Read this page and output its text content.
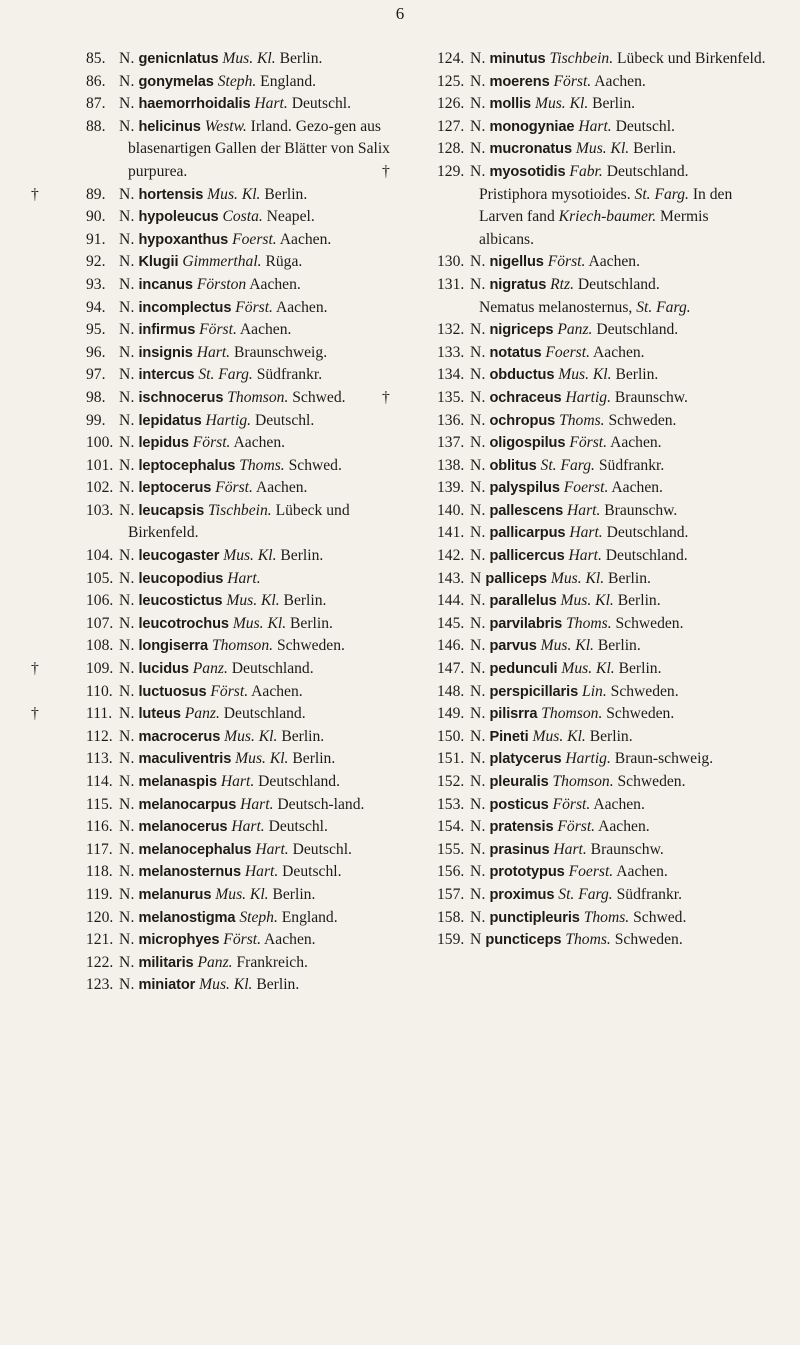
6
85. N. genicnlatus Mus. Kl. Berlin.
86. N. gonymelas Steph. England.
87. N. haemorrhoidalis Hart. Deutschl.
88. N. helicinus Westw. Irland. Gezo-gen aus blasenartigen Gallen der Blätter von Salix purpurea.
†	89. N. hortensis Mus. Kl. Berlin.
90. N. hypoleucus Costa. Neapel.
91. N. hypoxanthus Foerst. Aachen.
92. N. Klugii Gimmerthal. Rüga.
93. N. incanus Förston Aachen.
94. N. incomplectus Först. Aachen.
95. N. infirmus Först. Aachen.
96. N. insignis Hart. Braunschweig.
97. N. intercus St. Farg. Südfrankr.
98. N. ischnocerus Thomson. Schwed.
99. N. lepidatus Hartig. Deutschl.
100. N. lepidus Först. Aachen.
101. N. leptocephalus Thoms. Schwed.
102. N. leptocerus Först. Aachen.
103. N. leucapsis Tischbein. Lübeck und Birkenfeld.
104. N. leucogaster Mus. Kl. Berlin.
105. N. leucopodius Hart.
106. N. leucostictus Mus. Kl. Berlin.
107. N. leucotrochus Mus. Kl. Berlin.
108. N. longiserra Thomson. Schweden.
†	109. N. lucidus Panz. Deutschland.
110. N. luctuosus Först. Aachen.
†	111. N. luteus Panz. Deutschland.
112. N. macrocerus Mus. Kl. Berlin.
113. N. maculiventris Mus. Kl. Berlin.
114. N. melanaspis Hart. Deutschland.
115. N. melanocarpus Hart. Deutsch-land.
116. N. melanocerus Hart. Deutschl.
117. N. melanocephalus Hart. Deutschl.
118. N. melanosternus Hart. Deutschl.
119. N. melanurus Mus. Kl. Berlin.
120. N. melanostigma Steph. England.
121. N. microphyes Först. Aachen.
122. N. militaris Panz. Frankreich.
123. N. miniator Mus. Kl. Berlin.
124. N. minutus Tischbein. Lübeck und Birkenfeld.
125. N. moerens Först. Aachen.
126. N. mollis Mus. Kl. Berlin.
127. N. monogyniae Hart. Deutschl.
128. N. mucronatus Mus. Kl. Berlin.
†	129. N. myosotidis Fabr. Deutschland.
Pristiphora mysotioides. St. Farg. In den Larven fand Kriech-baumer. Mermis albicans.
130. N. nigellus Först. Aachen.
131. N. nigratus Rtz. Deutschland.
Nematus melanosternus, St. Farg.
132. N. nigriceps Panz. Deutschland.
133. N. notatus Foerst. Aachen.
134. N. obductus Mus. Kl. Berlin.
†	135. N. ochraceus Hartig. Braunschw.
136. N. ochropus Thoms. Schweden.
137. N. oligospilus Först. Aachen.
138. N. oblitus St. Farg. Südfrankr.
139. N. palyspilus Foerst. Aachen.
140. N. pallescens Hart. Braunschw.
141. N. pallicarpus Hart. Deutschland.
142. N. pallicercus Hart. Deutschland.
143. N palliceps Mus. Kl. Berlin.
144. N. parallelus Mus. Kl. Berlin.
145. N. parvilabris Thoms. Schweden.
146. N. parvus Mus. Kl. Berlin.
147. N. pedunculi Mus. Kl. Berlin.
148. N. perspicillaris Lin. Schweden.
149. N. pilisrra Thomson. Schweden.
150. N. Pineti Mus. Kl. Berlin.
151. N. platycerus Hartig. Braun-schweig.
152. N. pleuralis Thomson. Schweden.
153. N. posticus Först. Aachen.
154. N. pratensis Först. Aachen.
155. N. prasinus Hart. Braunschw.
156. N. prototypus Foerst. Aachen.
157. N. proximus St. Farg. Südfrankr.
158. N. punctipleuris Thoms. Schwed.
159. N puncticeps Thoms. Schweden.
